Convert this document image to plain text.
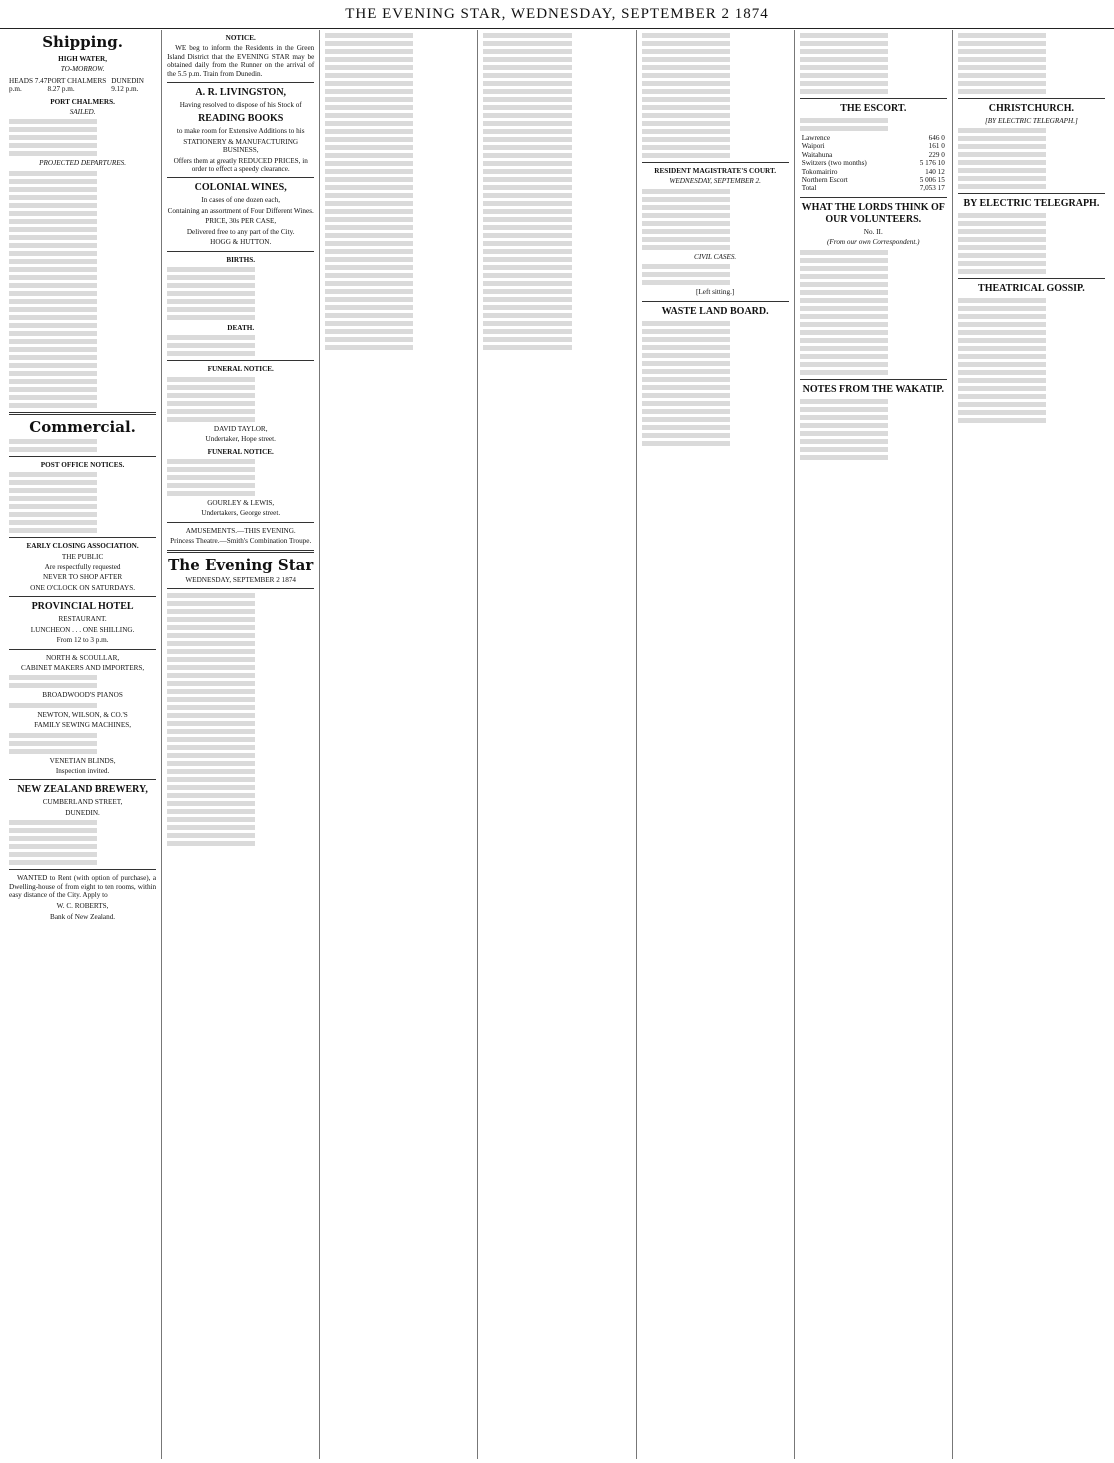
THE EVENING STAR, WEDNESDAY, SEPTEMBER 2 1874
Shipping.
HIGH WATER,
TO-MORROW.
HEADS 7.47 p.m.
PORT CHALMERS 8.27 p.m.
DUNEDIN 9.12 p.m.
PORT CHALMERS.
SAILED.
PROJECTED DEPARTURES.
Commercial.
POST OFFICE NOTICES.
EARLY CLOSING ASSOCIATION.
THE PUBLIC
Are respectfully requested
NEVER TO SHOP AFTER
ONE O'CLOCK ON SATURDAYS.
PROVINCIAL HOTEL
RESTAURANT.
LUNCHEON . . . ONE SHILLING.
From 12 to 3 p.m.
NORTH & SCOULLAR,
CABINET MAKERS AND IMPORTERS,
BROADWOOD'S PIANOS
NEWTON, WILSON, & CO.'S
FAMILY SEWING MACHINES,
VENETIAN BLINDS,
Inspection invited.
NEW ZEALAND BREWERY,
CUMBERLAND STREET,
DUNEDIN.

WANTED to Rent (with option of purchase), a Dwelling-house of from eight to ten rooms, within easy distance of the City. Apply to

W. C. ROBERTS,
Bank of New Zealand.
NOTICE.

WE beg to inform the Residents in the Green Island District that the EVENING STAR may be obtained daily from the Runner on the arrival of the 5.5 p.m. Train from Dunedin.

A. R. LIVINGSTON,
Having resolved to dispose of his Stock of
READING BOOKS
to make room for Extensive Additions to his
STATIONERY & MANUFACTURING BUSINESS,
Offers them at greatly REDUCED PRICES, in order to effect a speedy clearance.
COLONIAL WINES,
In cases of one dozen each,
Containing an assortment of Four Different Wines.
PRICE, 30s PER CASE,
Delivered free to any part of the City.
HOGG & HUTTON.
BIRTHS.
DEATH.
FUNERAL NOTICE.
DAVID TAYLOR,
Undertaker, Hope street.
FUNERAL NOTICE.
GOURLEY & LEWIS,
Undertakers, George street.
AMUSEMENTS.—THIS EVENING.
Princess Theatre.—Smith's Combination Troupe.
The Evening Star
WEDNESDAY, SEPTEMBER 2 1874
RESIDENT MAGISTRATE'S COURT.
WEDNESDAY, SEPTEMBER 2.
CIVIL CASES.
[Left sitting.]
WASTE LAND BOARD.
THE ESCORT.
Lawrence	646 0
Waipori	161 0
Waitahuna	229 0
Switzers (two months)	5 176 10
Tokomairiro	140 12
Northern Escort	5 006 15
Total	7,053 17
WHAT THE LORDS THINK OF OUR VOLUNTEERS.
No. II.
(From our own Correspondent.)
NOTES FROM THE WAKATIP.
CHRISTCHURCH.
[BY ELECTRIC TELEGRAPH.]
BY ELECTRIC TELEGRAPH.
THEATRICAL GOSSIP.
